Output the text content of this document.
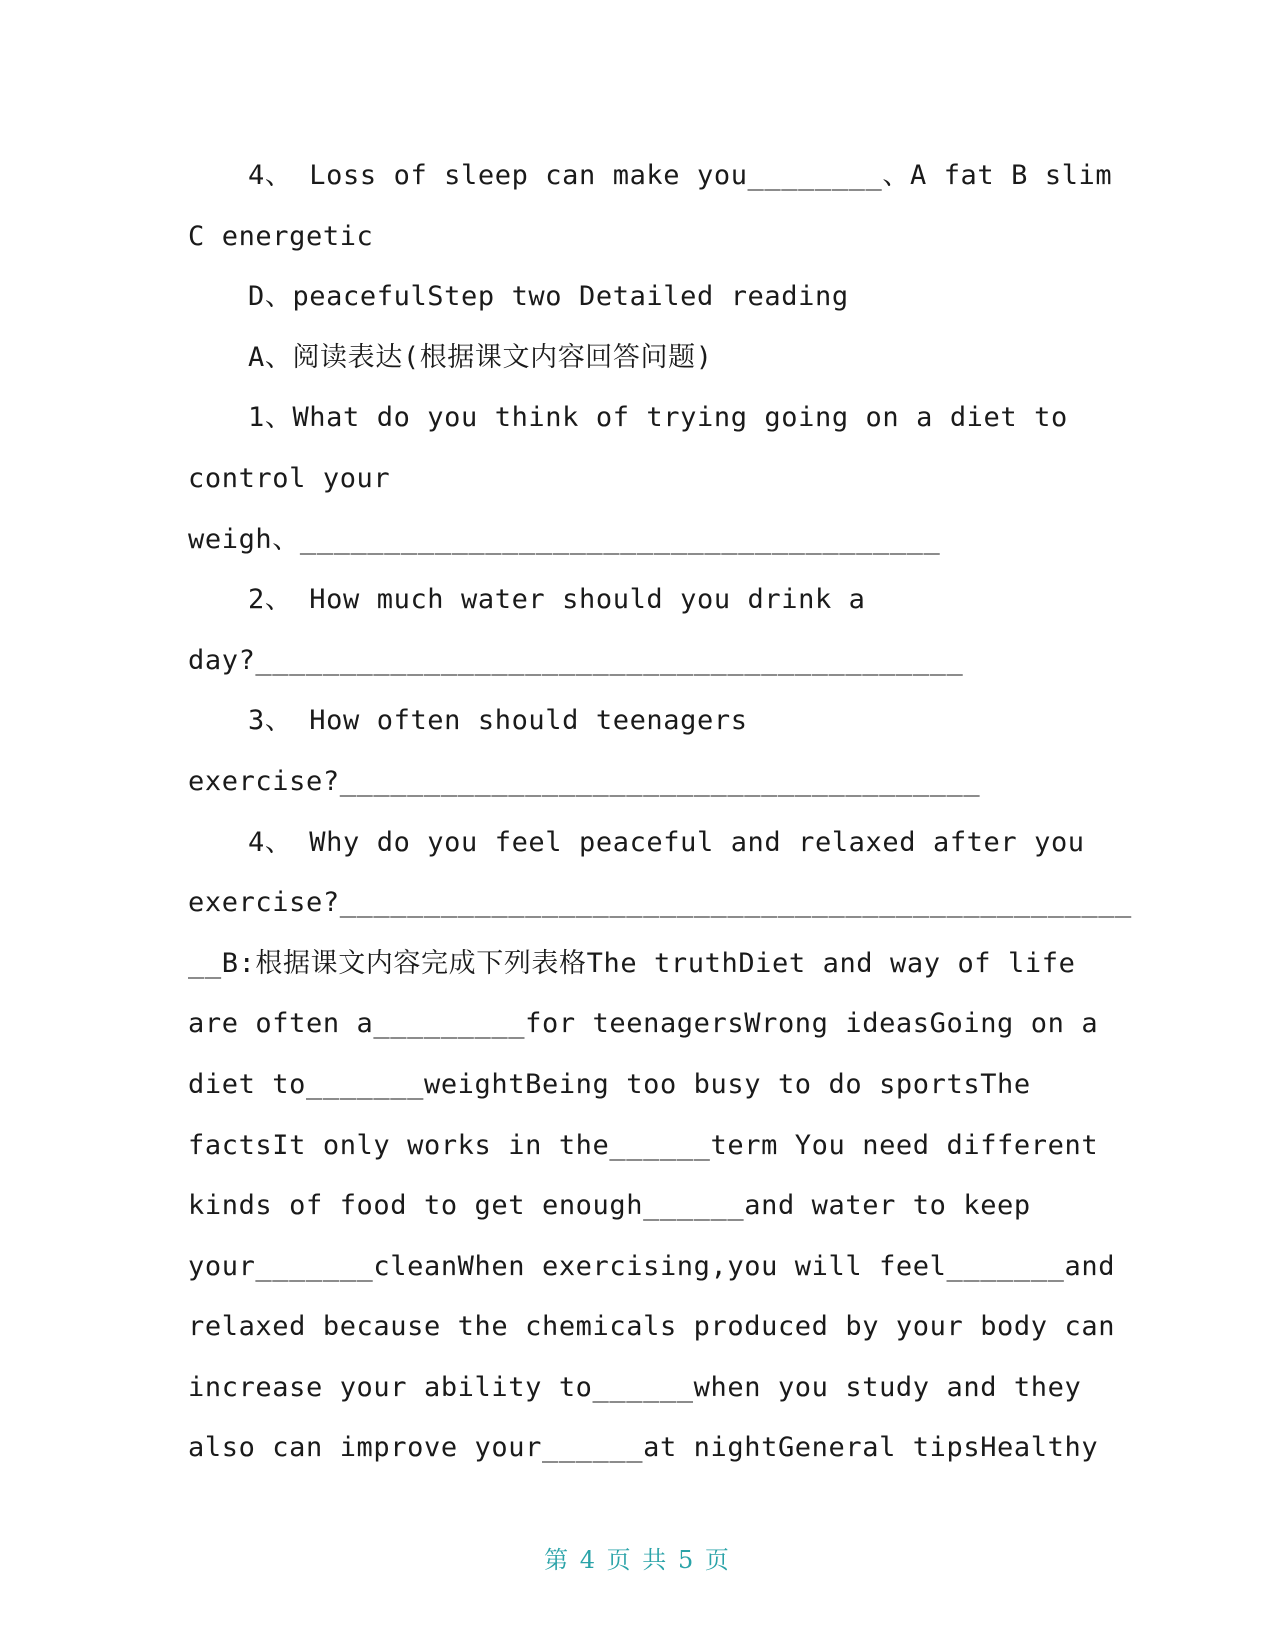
4、 Loss of sleep can make you________、A fat B slim
C energetic
D、peacefulStep two Detailed reading
A、阅读表达(根据课文内容回答问题)
1、What do you think of trying going on a diet to
control your
weigh、______________________________________
2、 How much water should you drink a
day?__________________________________________
3、 How often should teenagers
exercise?______________________________________
4、 Why do you feel peaceful and relaxed after you
exercise?_______________________________________________
__B:根据课文内容完成下列表格The truthDiet and way of life
are often a_________for teenagersWrong ideasGoing on a
diet to_______weightBeing too busy to do sportsThe
factsIt only works in the______term You need different
kinds of food to get enough______and water to keep
your_______cleanWhen exercising,you will feel_______and
relaxed because the chemicals produced by your body can
increase your ability to______when you study and they
also can improve your______at nightGeneral tipsHealthy
第 4 页 共 5 页
